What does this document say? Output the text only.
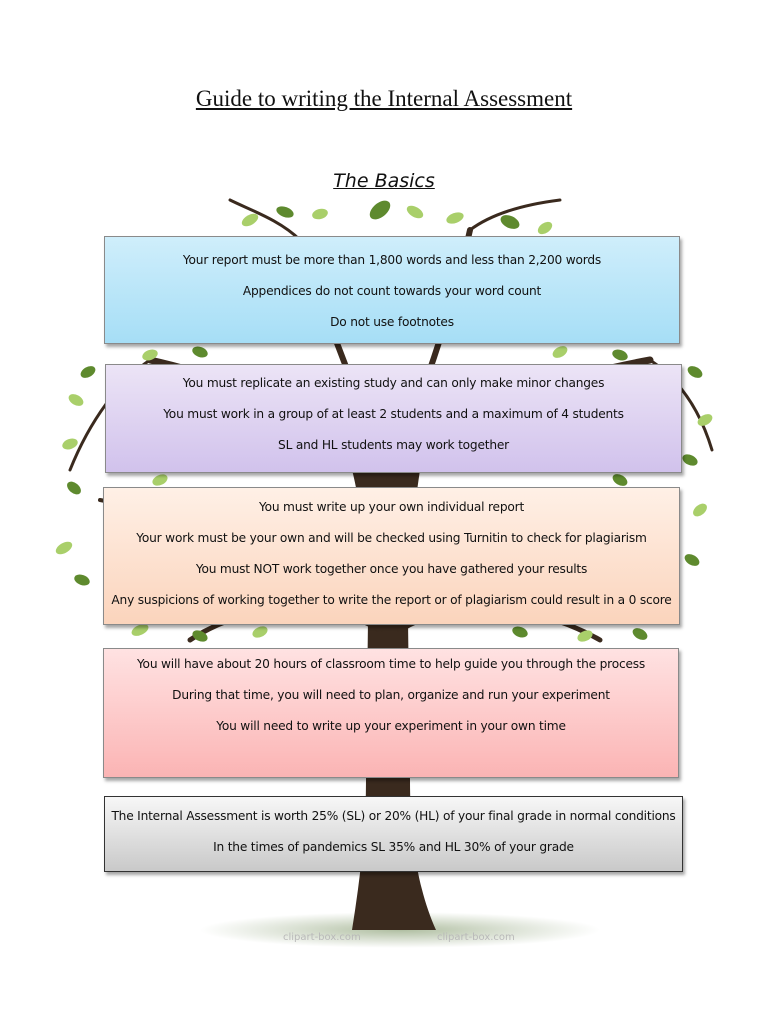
Guide to writing the Internal Assessment
The Basics
Your report must be more than 1,800 words and less than 2,200 words
Appendices do not count towards your word count
Do not use footnotes
You must replicate an existing study and can only make minor changes
You must work in a group of at least 2 students and a maximum of 4 students
SL and HL students may work together
You must write up your own individual report
Your work must be your own and will be checked using Turnitin to check for plagiarism
You must NOT work together once you have gathered your results
Any suspicions of working together to write the report or of plagiarism could result in a 0 score
You will have about 20 hours of classroom time to help guide you through the process
During that time, you will need to plan, organize and run your experiment
You will need to write up your experiment in your own time
The Internal Assessment is worth 25% (SL) or 20% (HL) of your final grade in normal conditions
In the times of pandemics SL 35% and HL 30% of your grade
clipart-box.com	clipart-box.com
